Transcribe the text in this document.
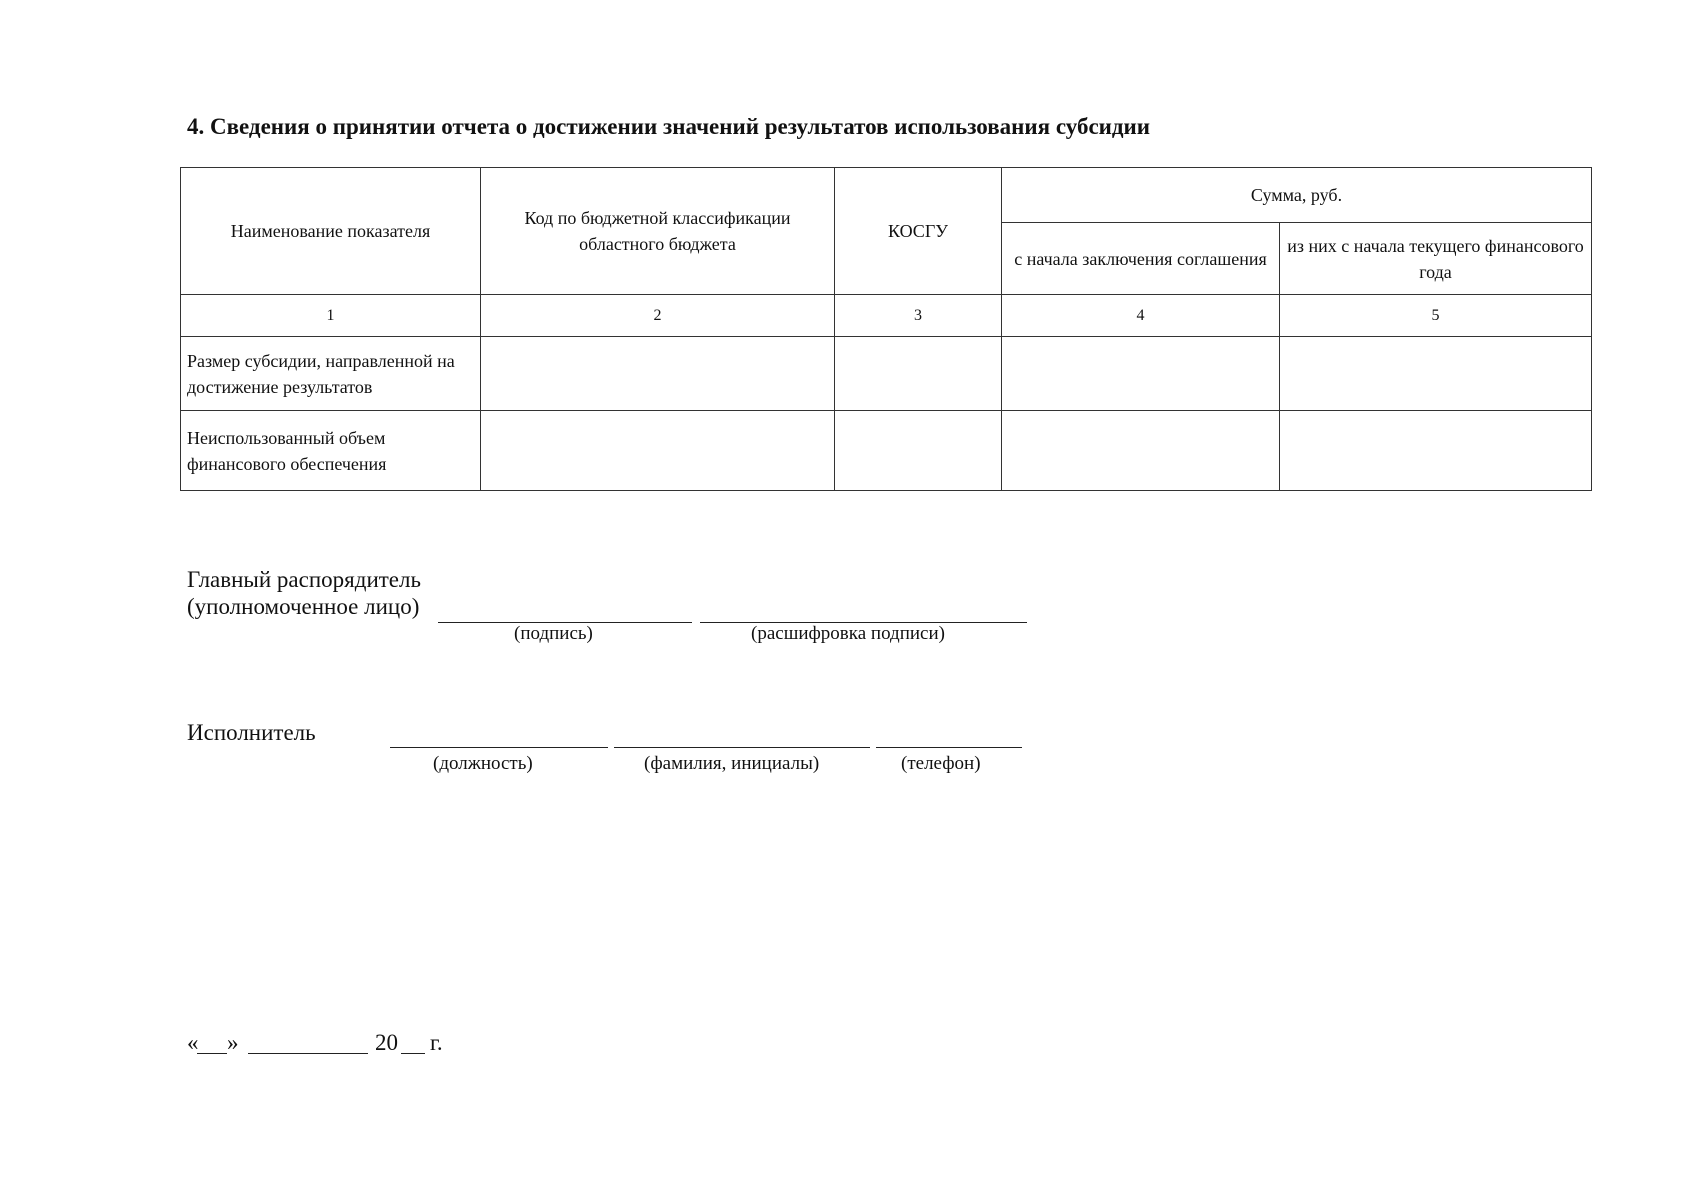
4. Сведения о принятии отчета о достижении значений результатов использования субсидии
Наименование показателя	Код по бюджетной классификации областного бюджета	КОСГУ	Сумма, руб.	
			с начала заключения соглашения	из них с начала текущего финансового года
1	2	3	4	5
Размер субсидии, направленной на достижение результатов				
Неиспользованный объем финансового обеспечения				
Главный распорядитель
(уполномоченное лицо)
(подпись)	(расшифровка подписи)
Исполнитель
(должность)	(фамилия, инициалы)	(телефон)
« »	20 г.
